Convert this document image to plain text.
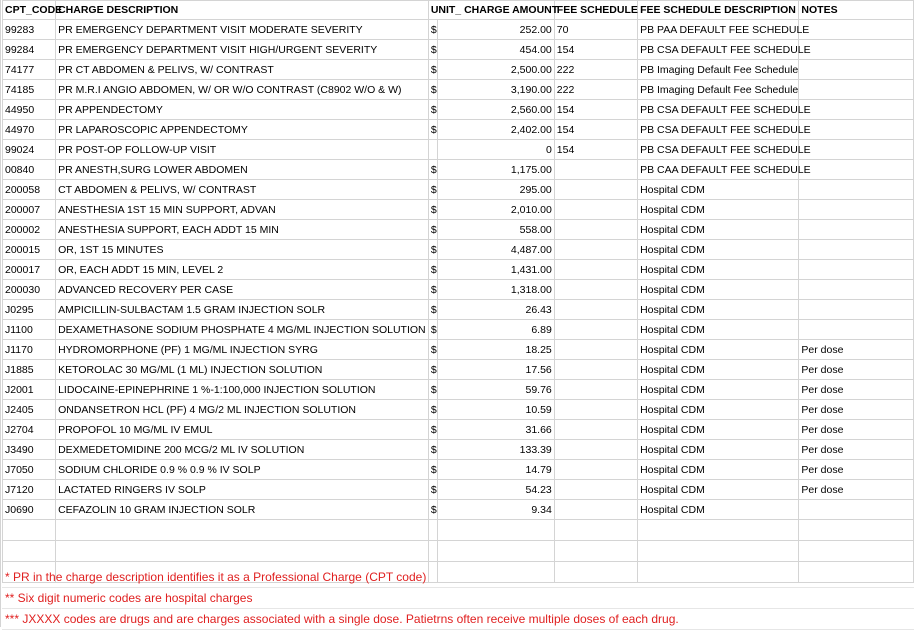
CPT_CODE	CHARGE DESCRIPTION	UNIT_ CHARGE AMOUNT		FEE SCHEDULE	FEE SCHEDULE DESCRIPTION	NOTES
99283	PR EMERGENCY DEPARTMENT VISIT MODERATE SEVERITY	$	252.00	70	PB PAA DEFAULT FEE SCHEDULE	
99284	PR EMERGENCY DEPARTMENT VISIT HIGH/URGENT SEVERITY	$	454.00	154	PB CSA DEFAULT FEE SCHEDULE	
74177	PR CT ABDOMEN & PELIVS, W/ CONTRAST	$	2,500.00	222	PB Imaging Default Fee Schedule	
74185	PR M.R.I ANGIO ABDOMEN, W/ OR W/O CONTRAST (C8902 W/O & W)	$	3,190.00	222	PB Imaging Default Fee Schedule	
44950	PR APPENDECTOMY	$	2,560.00	154	PB CSA DEFAULT FEE SCHEDULE	
44970	PR LAPAROSCOPIC APPENDECTOMY	$	2,402.00	154	PB CSA DEFAULT FEE SCHEDULE	
99024	PR POST-OP FOLLOW-UP VISIT		0	154	PB CSA DEFAULT FEE SCHEDULE	
00840	PR ANESTH,SURG LOWER ABDOMEN	$	1,175.00		PB CAA DEFAULT FEE SCHEDULE	
200058	CT ABDOMEN & PELIVS, W/ CONTRAST	$	295.00		Hospital CDM	
200007	ANESTHESIA 1ST 15 MIN SUPPORT, ADVAN	$	2,010.00		Hospital CDM	
200002	ANESTHESIA SUPPORT, EACH ADDT 15 MIN	$	558.00		Hospital CDM	
200015	OR, 1ST 15 MINUTES	$	4,487.00		Hospital CDM	
200017	OR, EACH ADDT 15 MIN, LEVEL 2	$	1,431.00		Hospital CDM	
200030	ADVANCED RECOVERY PER CASE	$	1,318.00		Hospital CDM	
J0295	AMPICILLIN-SULBACTAM 1.5 GRAM INJECTION SOLR	$	26.43		Hospital CDM	
J1100	DEXAMETHASONE SODIUM PHOSPHATE 4 MG/ML INJECTION SOLUTION	$	6.89		Hospital CDM	
J1170	HYDROMORPHONE (PF) 1 MG/ML INJECTION SYRG	$	18.25		Hospital CDM	Per dose
J1885	KETOROLAC 30 MG/ML (1 ML) INJECTION SOLUTION	$	17.56		Hospital CDM	Per dose
J2001	LIDOCAINE-EPINEPHRINE 1 %-1:100,000 INJECTION SOLUTION	$	59.76		Hospital CDM	Per dose
J2405	ONDANSETRON HCL (PF) 4 MG/2 ML INJECTION SOLUTION	$	10.59		Hospital CDM	Per dose
J2704	PROPOFOL 10 MG/ML IV EMUL	$	31.66		Hospital CDM	Per dose
J3490	DEXMEDETOMIDINE 200 MCG/2 ML IV SOLUTION	$	133.39		Hospital CDM	Per dose
J7050	SODIUM CHLORIDE 0.9 % 0.9 % IV SOLP	$	14.79		Hospital CDM	Per dose
J7120	LACTATED RINGERS IV SOLP	$	54.23		Hospital CDM	Per dose
J0690	CEFAZOLIN 10 GRAM INJECTION SOLR	$	9.34		Hospital CDM	

* PR in the charge description identifies it as a Professional Charge (CPT code)
** Six digit numeric codes are hospital charges
*** JXXXX codes are drugs and are charges associated with a single dose. Patietrns often receive multiple doses of each drug.
